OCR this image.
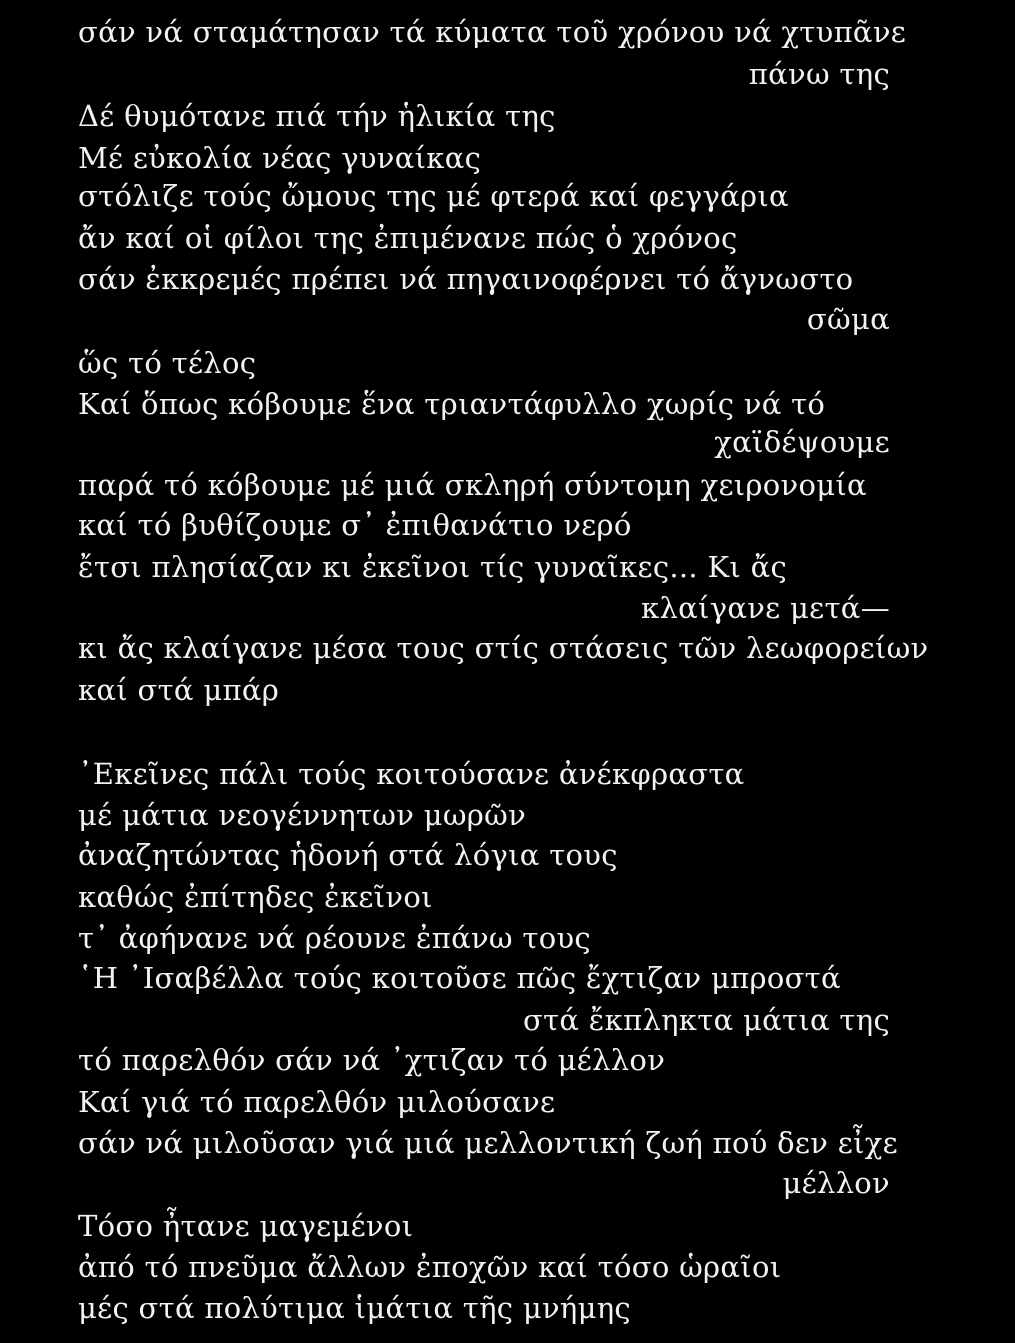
σάν νά σταμάτησαν τά κύματα τοῦ χρόνου νά χτυπᾶνε
πάνω της
Δέ θυμότανε πιά τήν ἡλικία της
Μέ εὐκολία νέας γυναίκας
στόλιζε τούς ὤμους της μέ φτερά καί φεγγάρια
ἄν καί οἱ φίλοι της ἐπιμένανε πώς ὁ χρόνος
σάν ἐκκρεμές πρέπει νά πηγαινοφέρνει τό ἄγνωστο
σῶμα
ὥς τό τέλος
Καί ὅπως κόβουμε ἕνα τριαντάφυλλο χωρίς νά τό
χαϊδέψουμε
παρά τό κόβουμε μέ μιά σκληρή σύντομη χειρονομία
καί τό βυθίζουμε σ᾿ ἐπιθανάτιο νερό
ἔτσι πλησίαζαν κι ἐκεῖνοι τίς γυναῖκες... Κι ἄς
κλαίγανε μετά—
κι ἄς κλαίγανε μέσα τους στίς στάσεις τῶν λεωφορείων
καί στά μπάρ
᾿Εκεῖνες πάλι τούς κοιτούσανε ἀνέκφραστα
μέ μάτια νεογέννητων μωρῶν
ἀναζητώντας ἡδονή στά λόγια τους
καθώς ἐπίτηδες ἐκεῖνοι
τ᾿ ἀφήνανε νά ρέουνε ἐπάνω τους
῾Η ᾿Ισαβέλλα τούς κοιτοῦσε πῶς ἔχτιζαν μπροστά
στά ἔκπληκτα μάτια της
τό παρελθόν σάν νά ᾿χτιζαν τό μέλλον
Καί γιά τό παρελθόν μιλούσανε
σάν νά μιλοῦσαν γιά μιά μελλοντική ζωή πού δεν εἶχε
μέλλον
Τόσο ἦτανε μαγεμένοι
ἀπό τό πνεῦμα ἄλλων ἐποχῶν καί τόσο ὡραῖοι
μές στά πολύτιμα ἱμάτια τῆς μνήμης
